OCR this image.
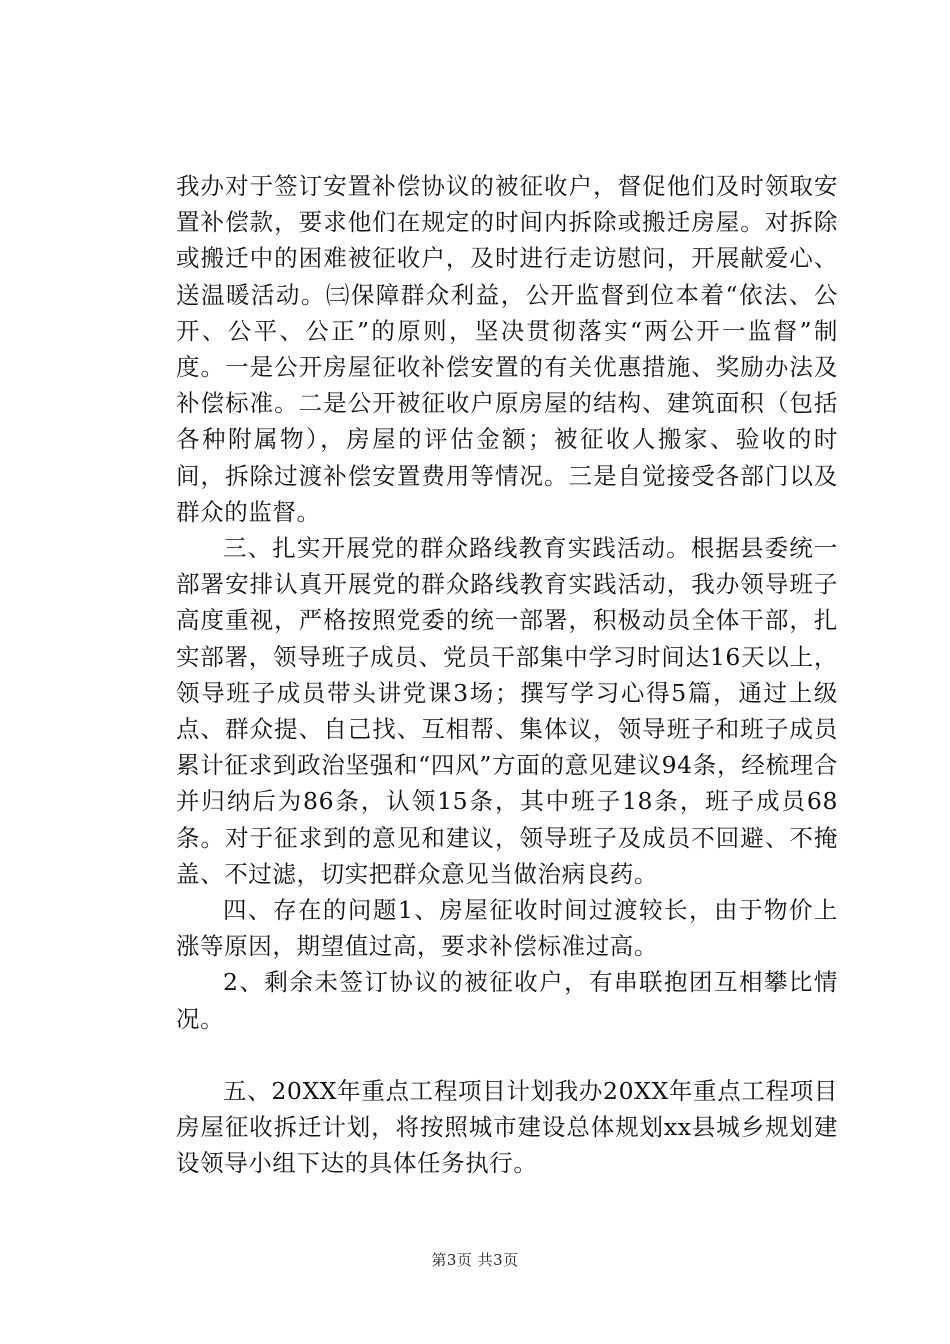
我办对于签订安置补偿协议的被征收户，督促他们及时领取安置补偿款，要求他们在规定的时间内拆除或搬迁房屋。对拆除或搬迁中的困难被征收户，及时进行走访慰问，开展献爱心、送温暖活动。㈢保障群众利益，公开监督到位本着“依法、公开、公平、公正”的原则，坚决贯彻落实“两公开一监督”制度。一是公开房屋征收补偿安置的有关优惠措施、奖励办法及补偿标准。二是公开被征收户原房屋的结构、建筑面积（包括各种附属物），房屋的评估金额；被征收人搬家、验收的时间，拆除过渡补偿安置费用等情况。三是自觉接受各部门以及群众的监督。

三、扎实开展党的群众路线教育实践活动。根据县委统一部署安排认真开展党的群众路线教育实践活动，我办领导班子高度重视，严格按照党委的统一部署，积极动员全体干部，扎实部署，领导班子成员、党员干部集中学习时间达16天以上，领导班子成员带头讲党课3场；撰写学习心得5篇，通过上级点、群众提、自己找、互相帮、集体议，领导班子和班子成员累计征求到政治坚强和“四风”方面的意见建议94条，经梳理合并归纳后为86条，认领15条，其中班子18条，班子成员68条。对于征求到的意见和建议，领导班子及成员不回避、不掩盖、不过滤，切实把群众意见当做治病良药。

四、存在的问题1、房屋征收时间过渡较长，由于物价上涨等原因，期望值过高，要求补偿标准过高。

2、剩余未签订协议的被征收户，有串联抱团互相攀比情况。

五、20XX年重点工程项目计划我办20XX年重点工程项目房屋征收拆迁计划，将按照城市建设总体规划xx县城乡规划建设领导小组下达的具体任务执行。

第3页 共3页
